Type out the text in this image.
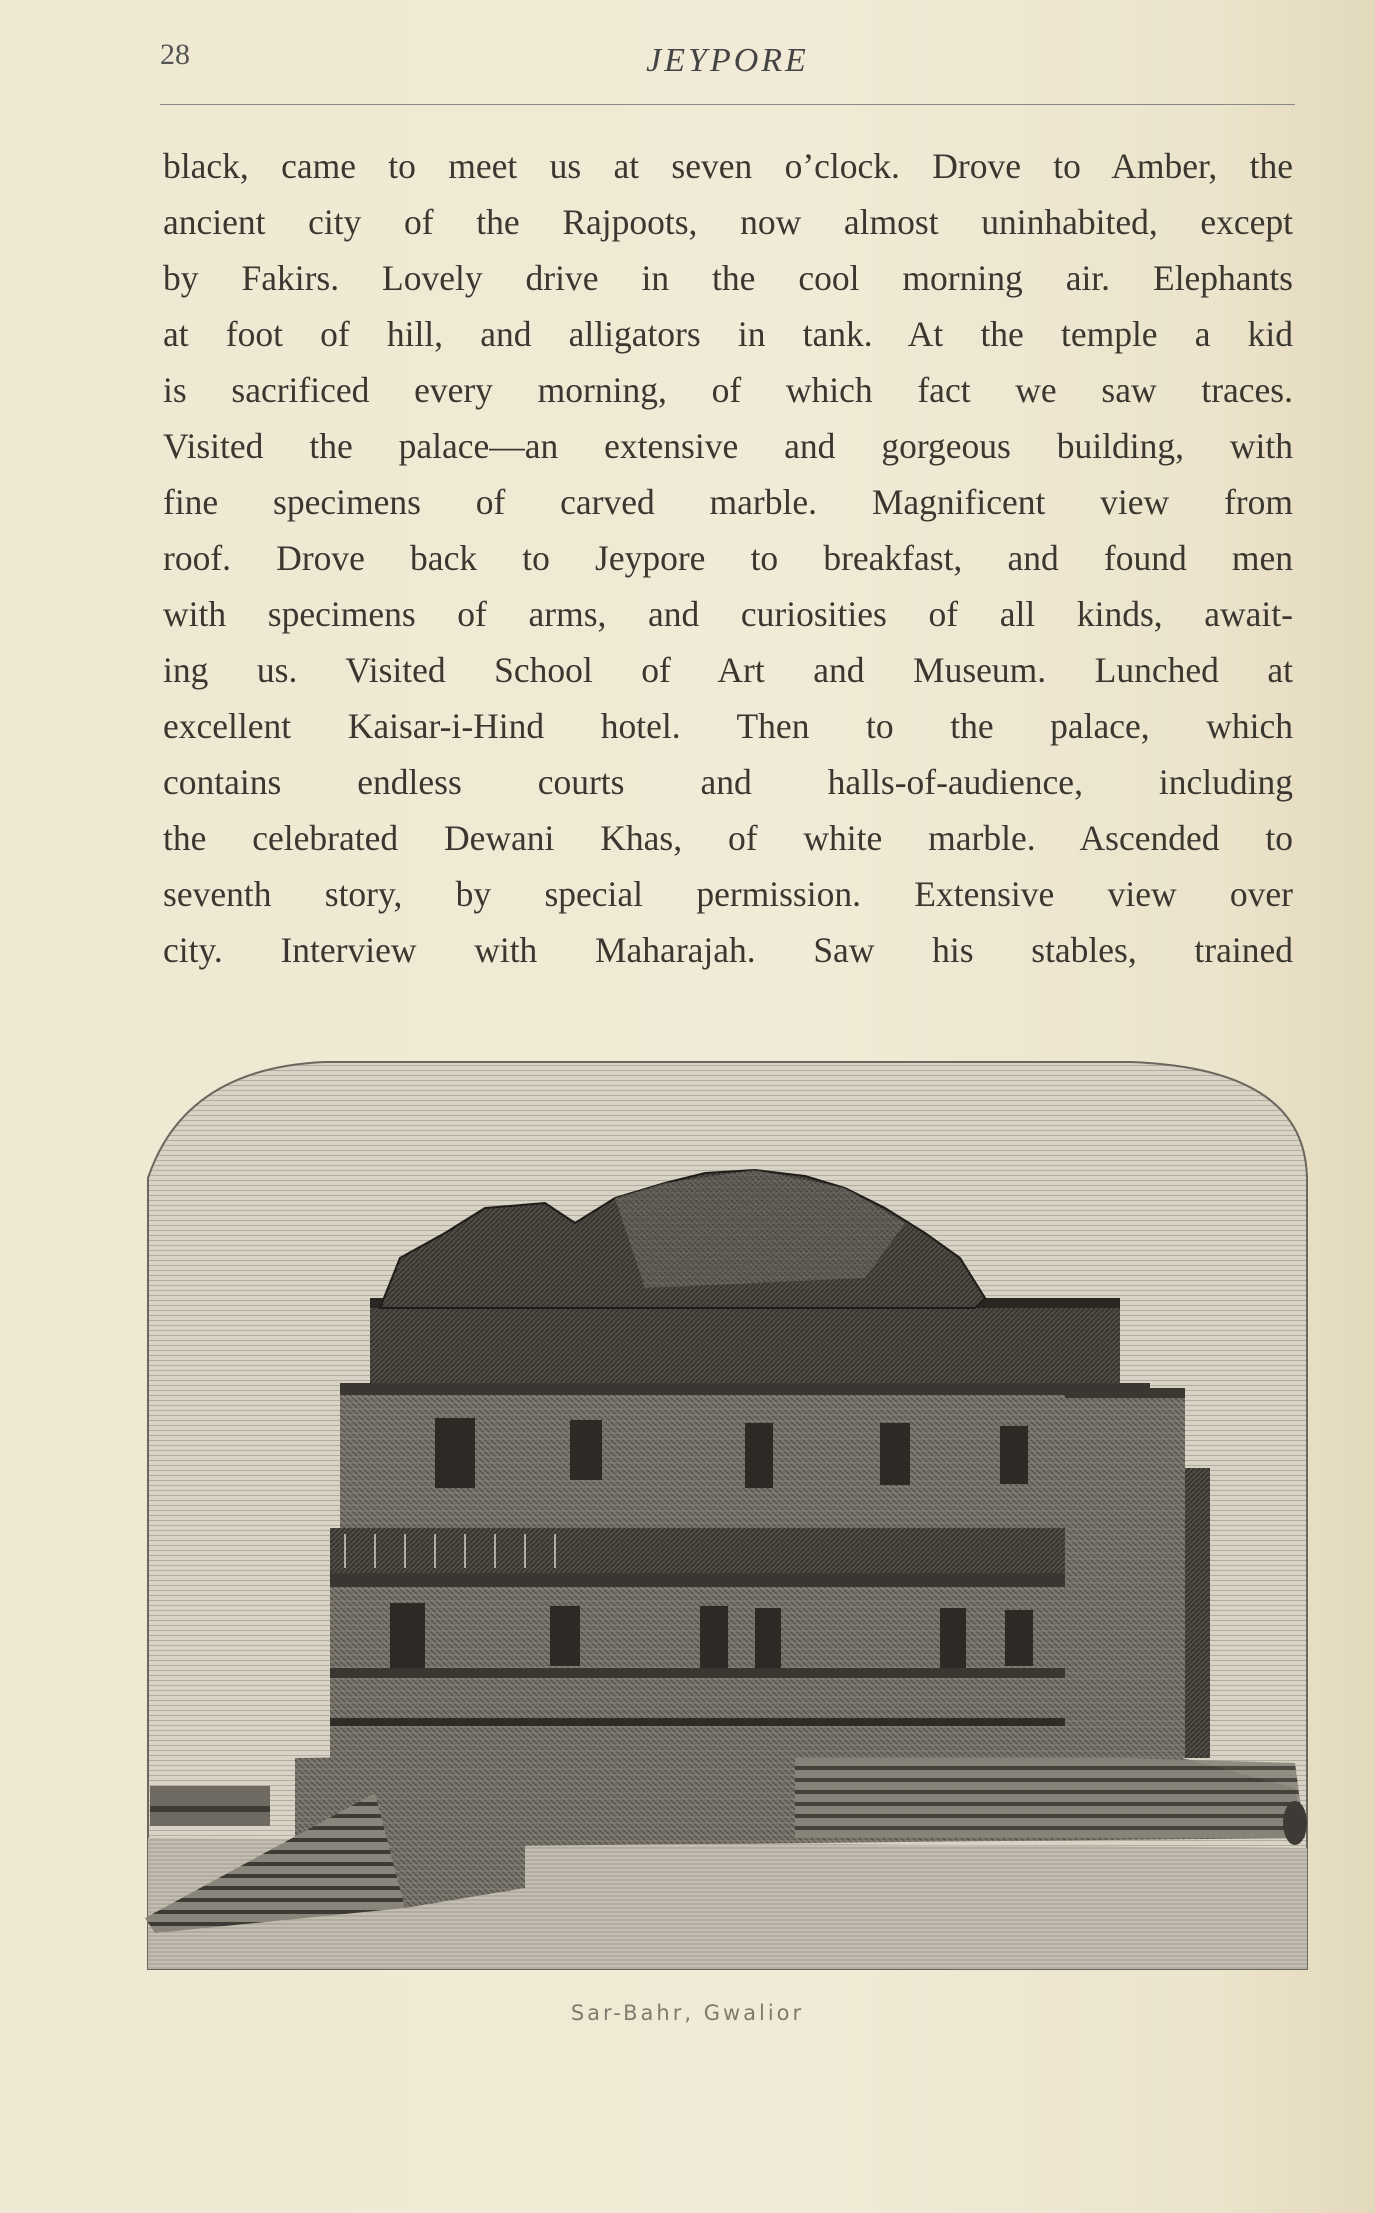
28	JEYPORE
black, came to meet us at seven o’clock. Drove to Amber, the
ancient city of the Rajpoots, now almost uninhabited, except
by Fakirs. Lovely drive in the cool morning air. Elephants
at foot of hill, and alligators in tank. At the temple a kid
is sacrificed every morning, of which fact we saw traces.
Visited the palace—an extensive and gorgeous building, with
fine specimens of carved marble. Magnificent view from
roof. Drove back to Jeypore to breakfast, and found men
with specimens of arms, and curiosities of all kinds, await-
ing us. Visited School of Art and Museum. Lunched at
excellent Kaisar-i-Hind hotel. Then to the palace, which
contains endless courts and halls-of-audience, including
the celebrated Dewani Khas, of white marble. Ascended to
seventh story, by special permission. Extensive view over
city. Interview with Maharajah. Saw his stables, trained
Sar-Bahr, Gwalior
